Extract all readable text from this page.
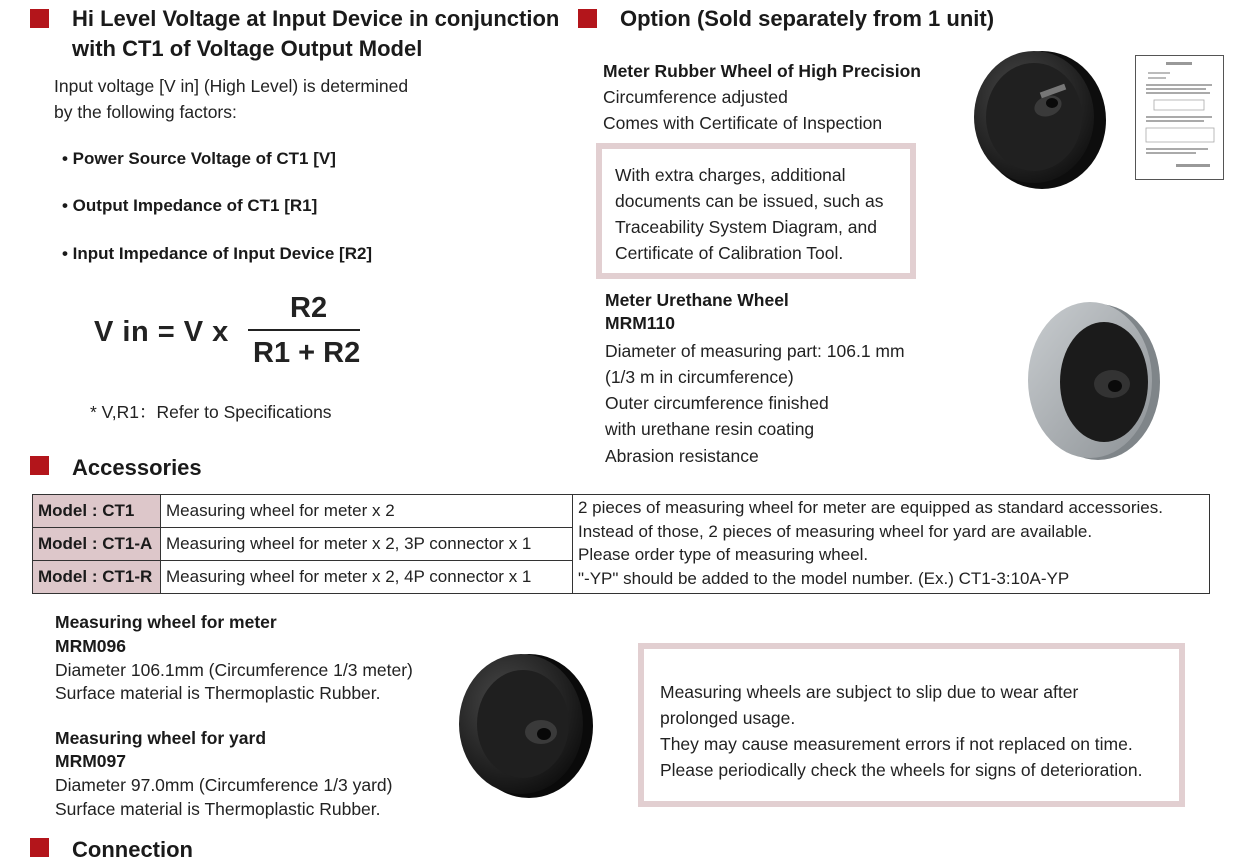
Hi Level Voltage at Input Device in conjunction
with CT1 of Voltage Output Model
Input voltage [V in] (High Level) is determined
by the following factors:
• Power Source Voltage of CT1 [V]
• Output Impedance of CT1 [R1]
• Input Impedance of Input Device [R2]
V in = V x
R2
R1 + R2
* V,R1：Refer to Specifications
Option (Sold separately from 1 unit)
Meter Rubber Wheel of High Precision
Circumference adjusted
Comes with Certificate of Inspection
With extra charges, additional
documents can be issued, such as
Traceability System Diagram, and
Certificate of Calibration Tool.
Meter Urethane Wheel
MRM110
Diameter of measuring part: 106.1 mm
(1/3 m in circumference)
Outer circumference finished
with urethane resin coating
Abrasion resistance
Accessories
Model : CT1	Measuring wheel for meter x 2	2 pieces of measuring wheel for meter are equipped as standard accessories.
Instead of those, 2 pieces of measuring wheel for yard are available.
Please order type of measuring wheel.
"-YP" should be added to the model number. (Ex.) CT1-3:10A-YP

Model : CT1-A	Measuring wheel for meter x 2, 3P connector x 1	
Model : CT1-R	Measuring wheel for meter x 2, 4P connector x 1	
Measuring wheel for meter
MRM096
Diameter 106.1mm (Circumference 1/3 meter)
Surface material is Thermoplastic Rubber.
Measuring wheel for yard
MRM097
Diameter 97.0mm (Circumference 1/3 yard)
Surface material is Thermoplastic Rubber.
Measuring wheels are subject to slip due to wear after
prolonged usage.
They may cause measurement errors if not replaced on time.
Please periodically check the wheels for signs of deterioration.
Connection
